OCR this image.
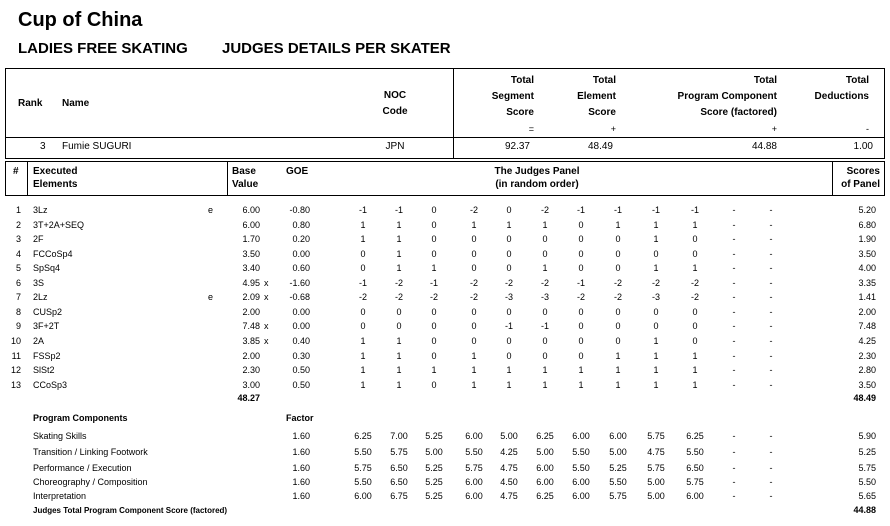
Cup of China
LADIES FREE SKATING JUDGES DETAILS PER SKATER
Rank Name
NOC
Code
Total
Segment
Score
=
Total
Element
Score
+
Total
Program Component
Score (factored)
+
Total
Deductions
-
3 Fumie SUGURI	JPN	92.37	48.49	44.88	1.00
# Executed
Elements
Base
Value
GOE	The Judges Panel
(in random order)
Scores
of Panel
1 3Lz	e	6.00	-0.80	-1	-1	0	-2	0	-2	-1	-1	-1	-1	-	-	5.20
2 3T+2A+SEQ	6.00	0.80	1	1	0	1	1	1	0	1	1	1	-	-	6.80
3 2F	1.70	0.20	1	1	0	0	0	0	0	0	1	0	-	-	1.90
4 FCCoSp4	3.50	0.00	0	1	0	0	0	0	0	0	0	0	-	-	3.50
5 SpSq4	3.40	0.60	0	1	1	0	0	1	0	0	1	1	-	-	4.00
6 3S	4.95 x	-1.60	-1	-2	-1	-2	-2	-2	-1	-2	-2	-2	-	-	3.35
7 2Lz	e	2.09 x	-0.68	-2	-2	-2	-2	-3	-3	-2	-2	-3	-2	-	-	1.41
8 CUSp2	2.00	0.00	0	0	0	0	0	0	0	0	0	0	-	-	2.00
9 3F+2T	7.48 x	0.00	0	0	0	0	-1	-1	0	0	0	0	-	-	7.48
10 2A	3.85 x	0.40	1	1	0	0	0	0	0	0	1	0	-	-	4.25
11 FSSp2	2.00	0.30	1	1	0	1	0	0	0	1	1	1	-	-	2.30
12 SlSt2	2.30	0.50	1	1	1	1	1	1	1	1	1	1	-	-	2.80
13 CCoSp3	3.00	0.50	1	1	0	1	1	1	1	1	1	1	-	-	3.50
48.27	48.49
Program Components	Factor
Skating Skills	1.60	6.25	7.00	5.25	6.00	5.00	6.25	6.00	6.00	5.75	6.25	-	-	5.90
Transition / Linking Footwork	1.60	5.50	5.75	5.00	5.50	4.25	5.00	5.50	5.00	4.75	5.50	-	-	5.25
Performance / Execution	1.60	5.75	6.50	5.25	5.75	4.75	6.00	5.50	5.25	5.75	6.50	-	-	5.75
Choreography / Composition	1.60	5.50	6.50	5.25	6.00	4.50	6.00	6.00	5.50	5.00	5.75	-	-	5.50
Interpretation	1.60	6.00	6.75	5.25	6.00	4.75	6.25	6.00	5.75	5.00	6.00	-	-	5.65
Judges Total Program Component Score (factored)	44.88
